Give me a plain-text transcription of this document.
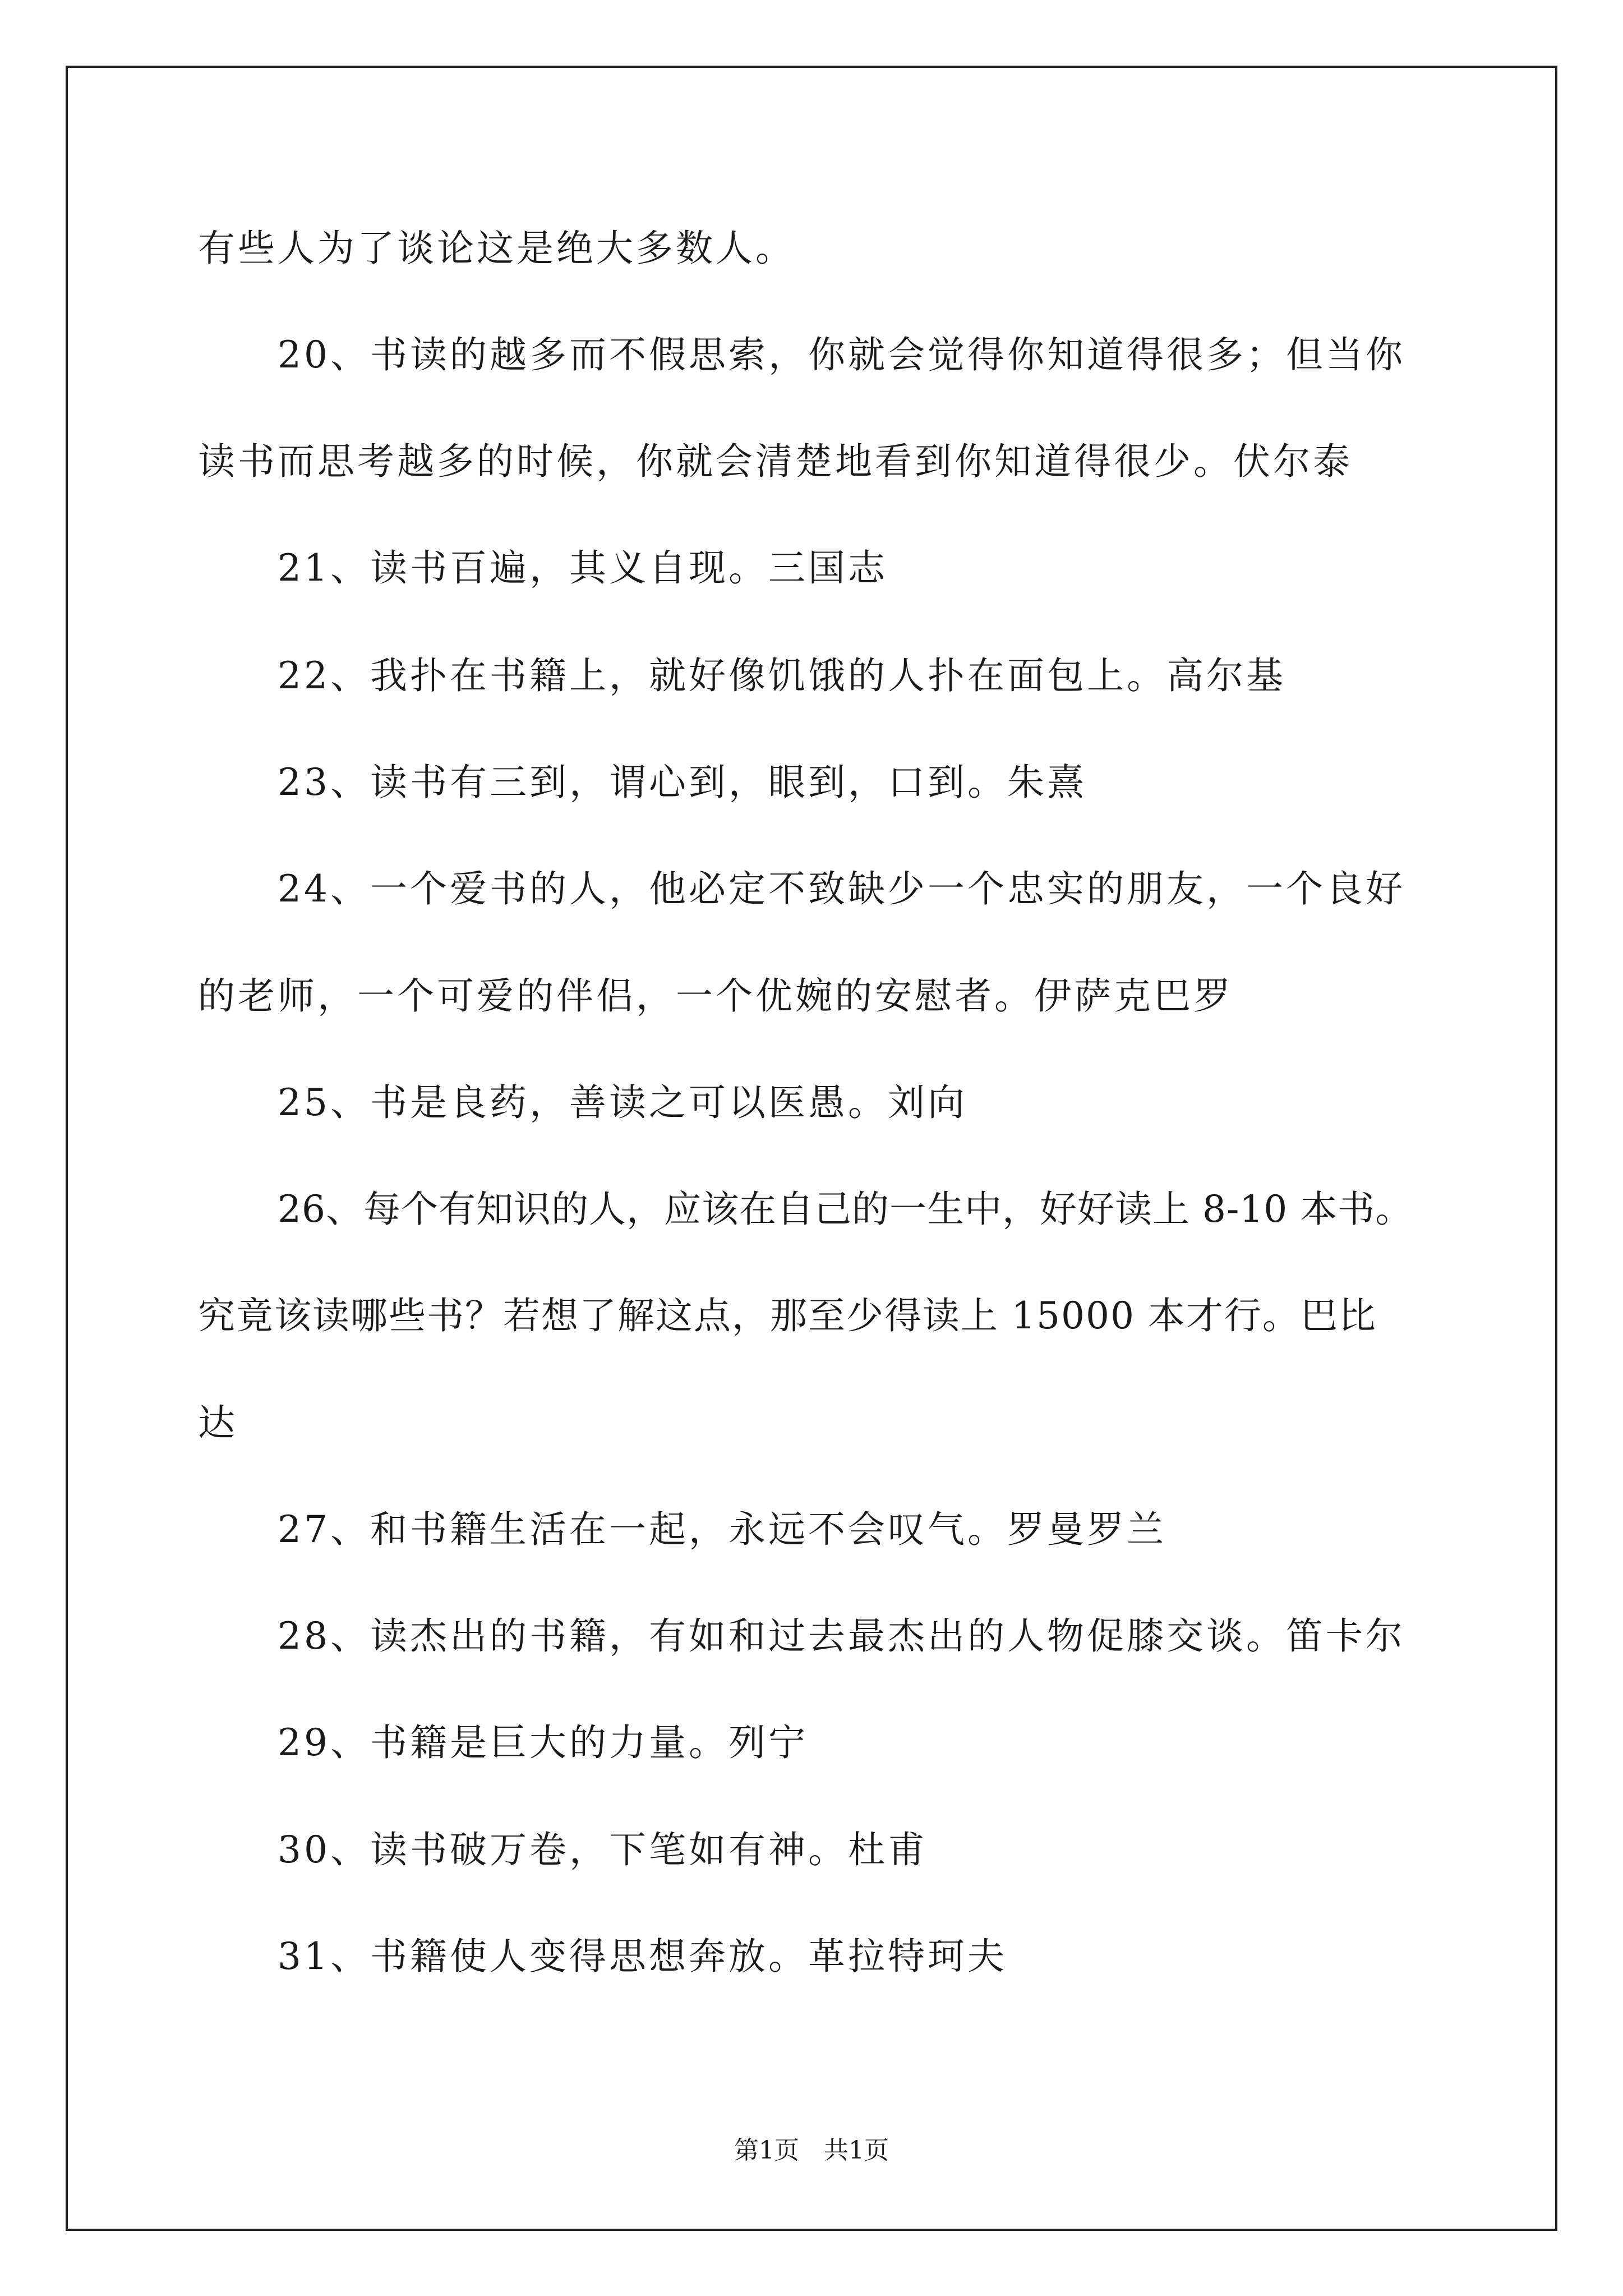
有些人为了谈论这是绝大多数人。
20、书读的越多而不假思索，你就会觉得你知道得很多；但当你
读书而思考越多的时候，你就会清楚地看到你知道得很少。伏尔泰
21、读书百遍，其义自现。三国志
22、我扑在书籍上，就好像饥饿的人扑在面包上。高尔基
23、读书有三到，谓心到，眼到，口到。朱熹
24、一个爱书的人，他必定不致缺少一个忠实的朋友，一个良好
的老师，一个可爱的伴侣，一个优婉的安慰者。伊萨克巴罗
25、书是良药，善读之可以医愚。刘向
26、每个有知识的人，应该在自己的一生中，好好读上 8-10 本书。
究竟该读哪些书？若想了解这点，那至少得读上 15000 本才行。巴比
达
27、和书籍生活在一起，永远不会叹气。罗曼罗兰
28、读杰出的书籍，有如和过去最杰出的人物促膝交谈。笛卡尔
29、书籍是巨大的力量。列宁
30、读书破万卷，下笔如有神。杜甫
31、书籍使人变得思想奔放。革拉特珂夫
第1页 共1页
